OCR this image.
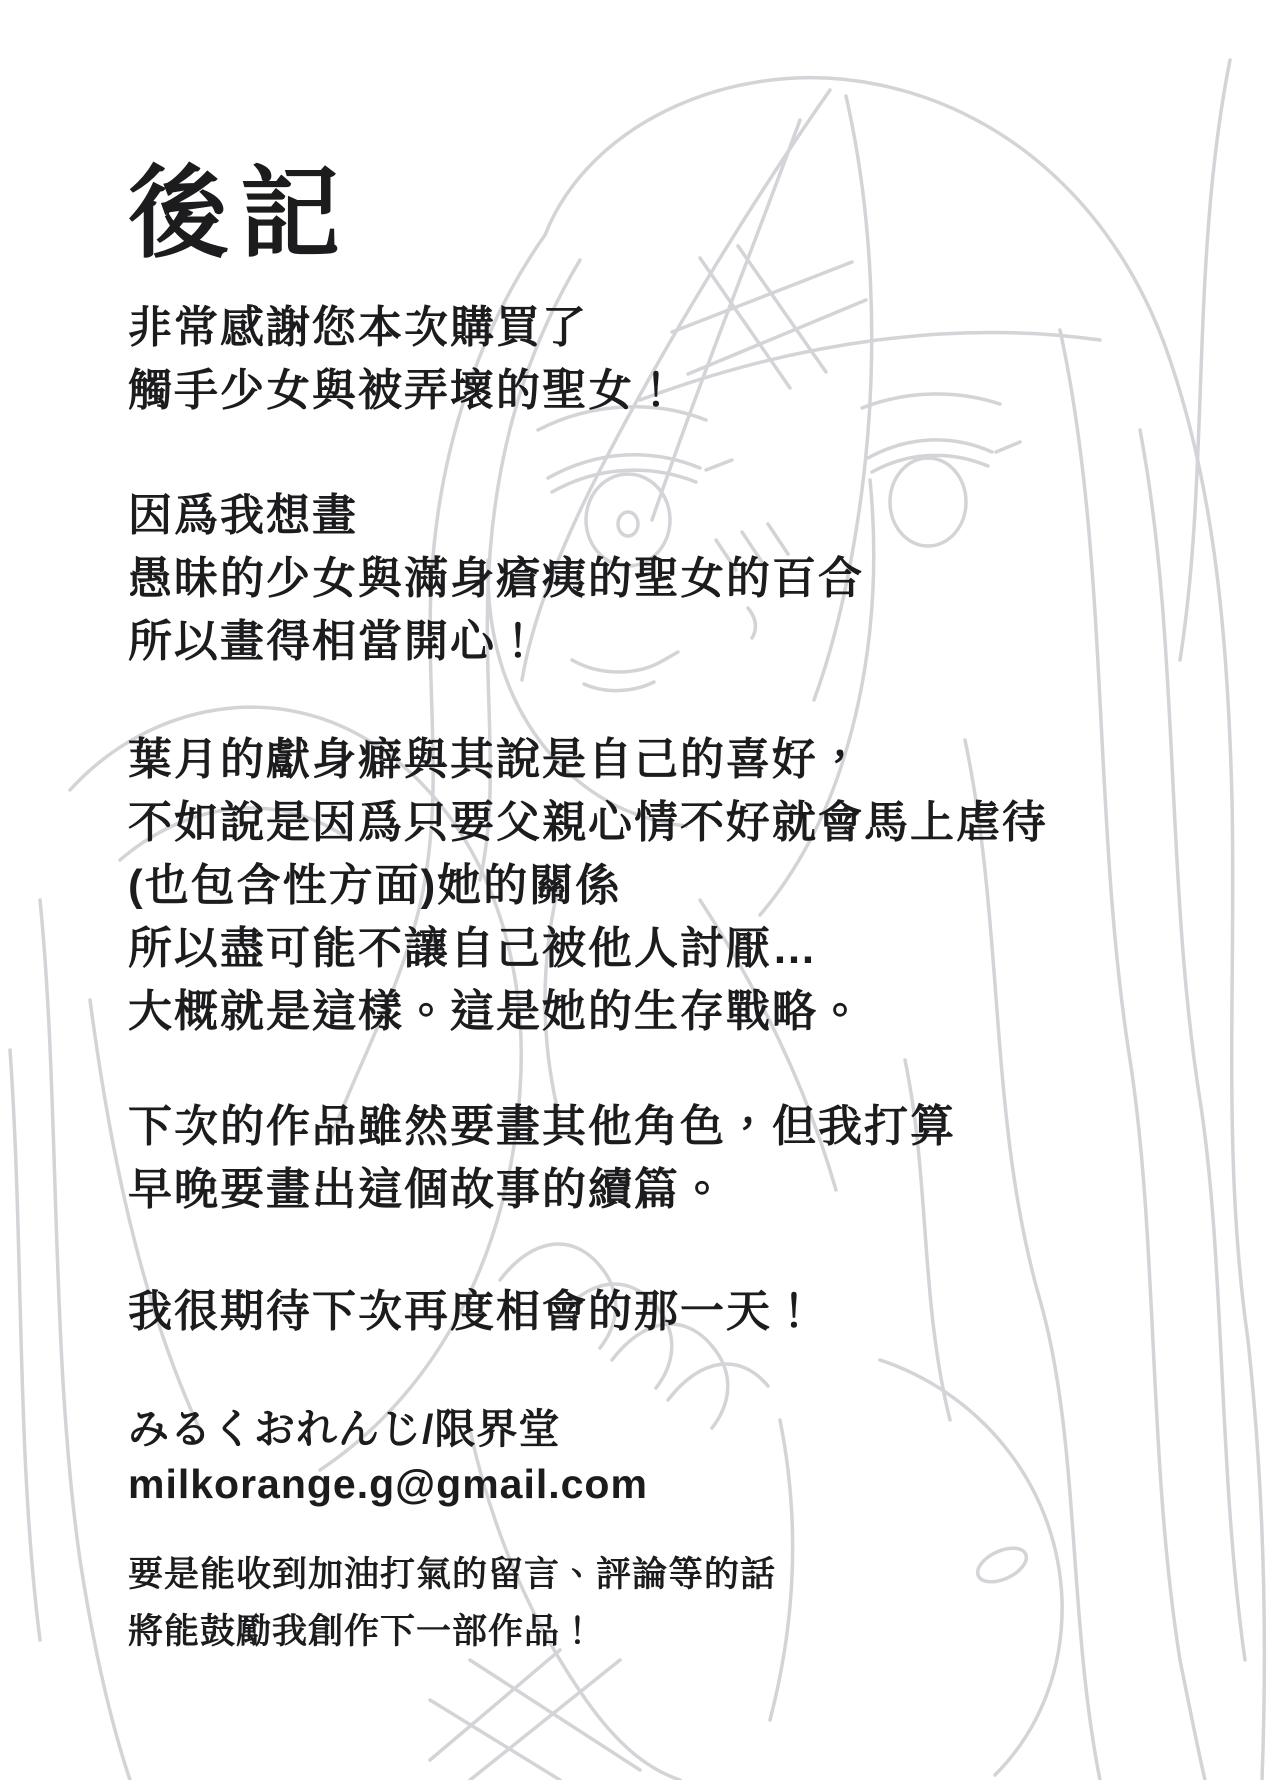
後記
非常感謝您本次購買了
觸手少女與被弄壞的聖女！
因爲我想畫
愚昧的少女與滿身瘡痍的聖女的百合
所以畫得相當開心！
葉月的獻身癖與其說是自己的喜好，
不如說是因爲只要父親心情不好就會馬上虐待
(也包含性方面)她的關係
所以盡可能不讓自己被他人討厭…
大概就是這樣。這是她的生存戰略。
下次的作品雖然要畫其他角色，但我打算
早晚要畫出這個故事的續篇。
我很期待下次再度相會的那一天！
みるくおれんじ/限界堂
milkorange.g@gmail.com
要是能收到加油打氣的留言、評論等的話
將能鼓勵我創作下一部作品！
